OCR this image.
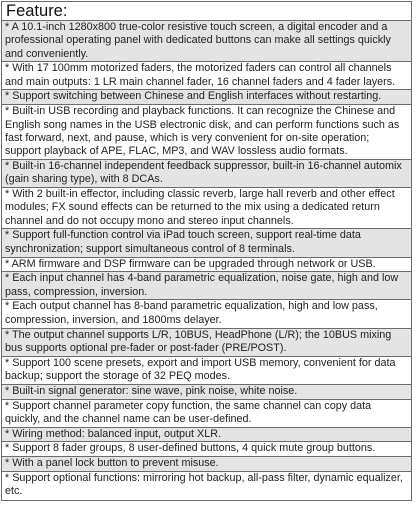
Feature:
* A 10.1-inch 1280x800 true-color resistive touch screen, a digital encoder and a professional operating panel with dedicated buttons can make all settings quickly and conveniently.
* With 17 100mm motorized faders, the motorized faders can control all channels and main outputs: 1 LR main channel fader, 16 channel faders and 4 fader layers.
* Support switching between Chinese and English interfaces without restarting.
* Built-in USB recording and playback functions. It can recognize the Chinese and English song names in the USB electronic disk, and can perform functions such as fast forward, next, and pause, which is very convenient for on-site operation; support playback of APE, FLAC, MP3, and WAV lossless audio formats.
* Built-in 16-channel independent feedback suppressor, built-in 16-channel automix (gain sharing type), with 8 DCAs.
* With 2 built-in effector, including classic reverb, large hall reverb and other effect modules; FX sound effects can be returned to the mix using a dedicated return channel and do not occupy mono and stereo input channels.
* Support full-function control via iPad touch screen, support real-time data synchronization; support simultaneous control of 8 terminals.
* ARM firmware and DSP firmware can be upgraded through network or USB.
* Each input channel has 4-band parametric equalization, noise gate, high and low pass, compression, inversion.
* Each output channel has 8-band parametric equalization, high and low pass, compression, inversion, and 1800ms delayer.
* The output channel supports L/R, 10BUS, HeadPhone (L/R); the 10BUS mixing bus supports optional pre-fader or post-fader (PRE/POST).
* Support 100 scene presets, export and import USB memory, convenient for data backup; support the storage of 32 PEQ modes.
* Built-in signal generator: sine wave, pink noise, white noise.
* Support channel parameter copy function, the same channel can copy data quickly, and the channel name can be user-defined.
* Wiring method: balanced input, output XLR.
* Support 8 fader groups, 8 user-defined buttons, 4 quick mute group buttons.
* With a panel lock button to prevent misuse.
* Support optional functions: mirroring hot backup, all-pass filter, dynamic equalizer, etc.
